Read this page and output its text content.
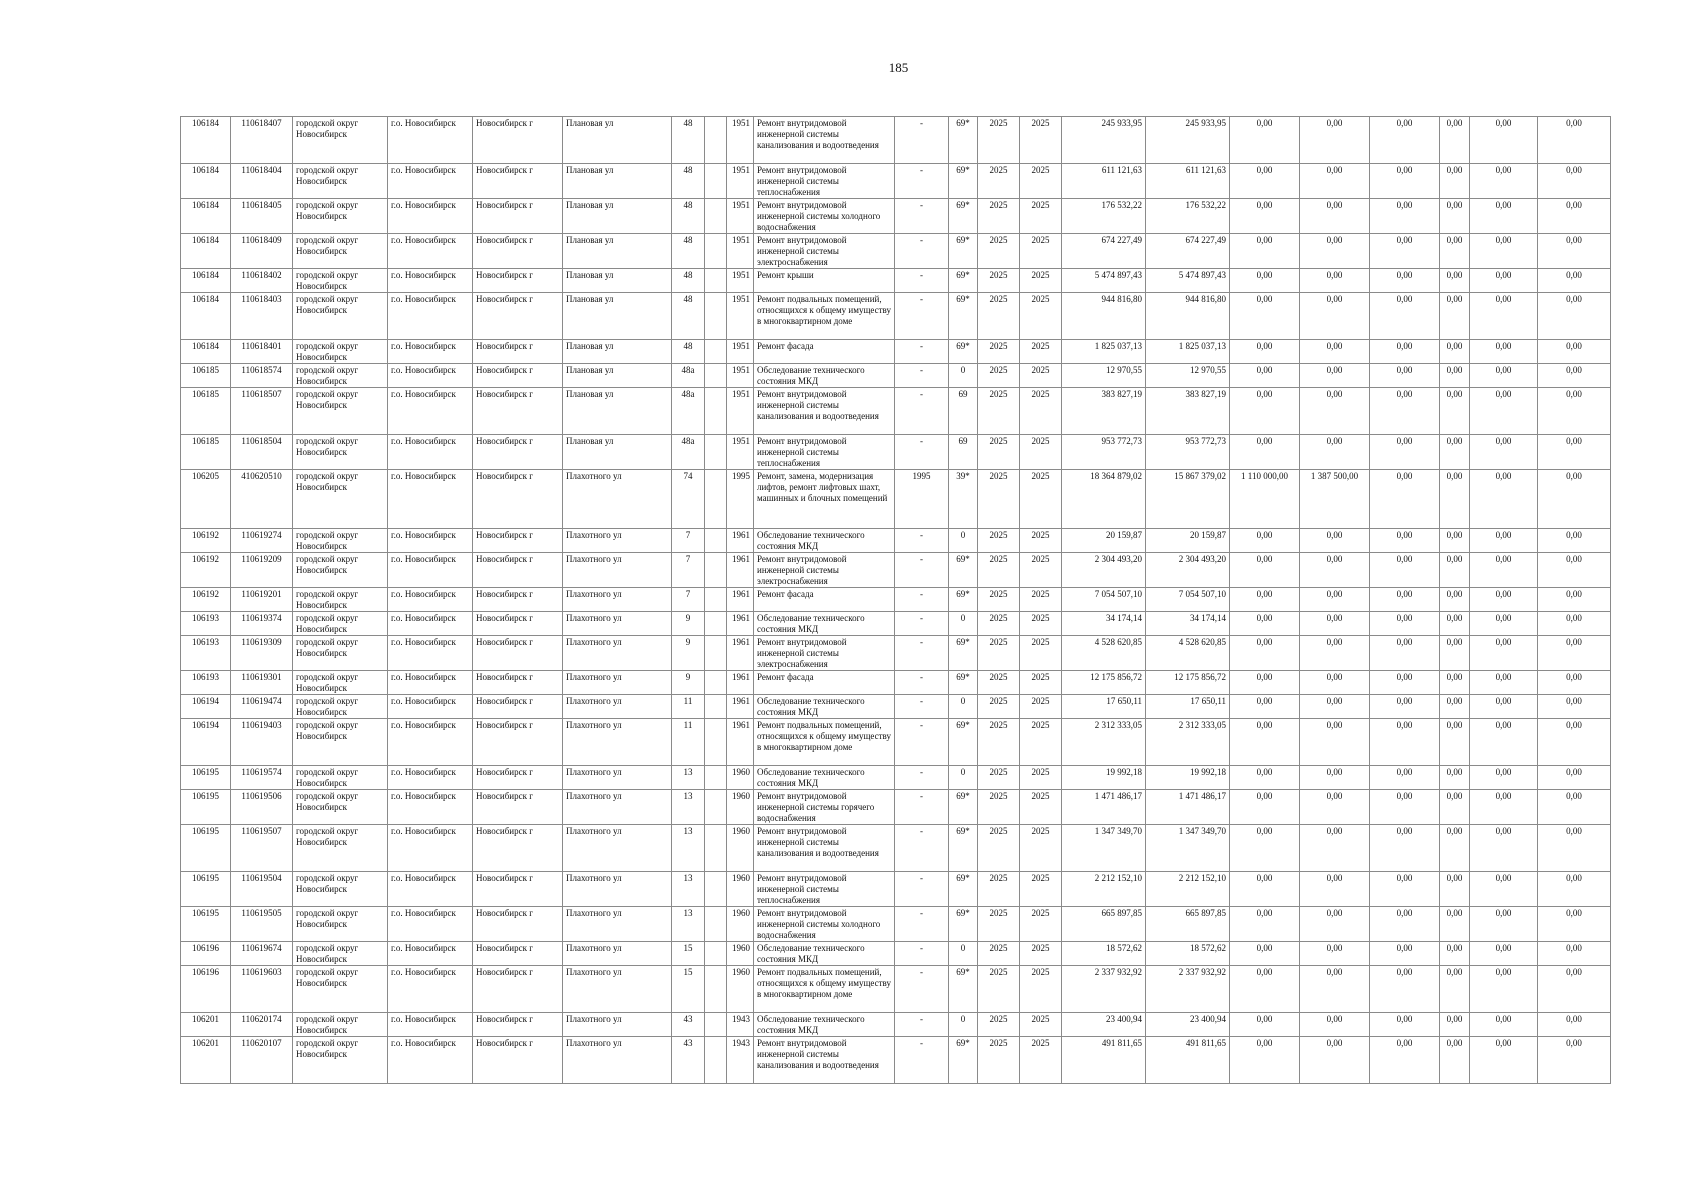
185
106184	110618407	городской округ Новосибирск	г.о. Новосибирск	Новосибирск г	Плановая ул	48		1951	Ремонт внутридомовой инженерной системы канализования и водоотведения	-	69*	2025	2025	245 933,95	245 933,95	0,00	0,00	0,00	0,00	0,00	0,00
106184	110618404	городской округ Новосибирск	г.о. Новосибирск	Новосибирск г	Плановая ул	48		1951	Ремонт внутридомовой инженерной системы теплоснабжения	-	69*	2025	2025	611 121,63	611 121,63	0,00	0,00	0,00	0,00	0,00	0,00
106184	110618405	городской округ Новосибирск	г.о. Новосибирск	Новосибирск г	Плановая ул	48		1951	Ремонт внутридомовой инженерной системы холодного водоснабжения	-	69*	2025	2025	176 532,22	176 532,22	0,00	0,00	0,00	0,00	0,00	0,00
106184	110618409	городской округ Новосибирск	г.о. Новосибирск	Новосибирск г	Плановая ул	48		1951	Ремонт внутридомовой инженерной системы электроснабжения	-	69*	2025	2025	674 227,49	674 227,49	0,00	0,00	0,00	0,00	0,00	0,00
106184	110618402	городской округ Новосибирск	г.о. Новосибирск	Новосибирск г	Плановая ул	48		1951	Ремонт крыши	-	69*	2025	2025	5 474 897,43	5 474 897,43	0,00	0,00	0,00	0,00	0,00	0,00
106184	110618403	городской округ Новосибирск	г.о. Новосибирск	Новосибирск г	Плановая ул	48		1951	Ремонт подвальных помещений, относящихся к общему имуществу в многоквартирном доме	-	69*	2025	2025	944 816,80	944 816,80	0,00	0,00	0,00	0,00	0,00	0,00
106184	110618401	городской округ Новосибирск	г.о. Новосибирск	Новосибирск г	Плановая ул	48		1951	Ремонт фасада	-	69*	2025	2025	1 825 037,13	1 825 037,13	0,00	0,00	0,00	0,00	0,00	0,00
106185	110618574	городской округ Новосибирск	г.о. Новосибирск	Новосибирск г	Плановая ул	48а		1951	Обследование технического состояния МКД	-	0	2025	2025	12 970,55	12 970,55	0,00	0,00	0,00	0,00	0,00	0,00
106185	110618507	городской округ Новосибирск	г.о. Новосибирск	Новосибирск г	Плановая ул	48а		1951	Ремонт внутридомовой инженерной системы канализования и водоотведения	-	69	2025	2025	383 827,19	383 827,19	0,00	0,00	0,00	0,00	0,00	0,00
106185	110618504	городской округ Новосибирск	г.о. Новосибирск	Новосибирск г	Плановая ул	48а		1951	Ремонт внутридомовой инженерной системы теплоснабжения	-	69	2025	2025	953 772,73	953 772,73	0,00	0,00	0,00	0,00	0,00	0,00
106205	410620510	городской округ Новосибирск	г.о. Новосибирск	Новосибирск г	Плахотного ул	74		1995	Ремонт, замена, модернизация лифтов, ремонт лифтовых шахт, машинных и блочных помещений	1995	39*	2025	2025	18 364 879,02	15 867 379,02	1 110 000,00	1 387 500,00	0,00	0,00	0,00	0,00
106192	110619274	городской округ Новосибирск	г.о. Новосибирск	Новосибирск г	Плахотного ул	7		1961	Обследование технического состояния МКД	-	0	2025	2025	20 159,87	20 159,87	0,00	0,00	0,00	0,00	0,00	0,00
106192	110619209	городской округ Новосибирск	г.о. Новосибирск	Новосибирск г	Плахотного ул	7		1961	Ремонт внутридомовой инженерной системы электроснабжения	-	69*	2025	2025	2 304 493,20	2 304 493,20	0,00	0,00	0,00	0,00	0,00	0,00
106192	110619201	городской округ Новосибирск	г.о. Новосибирск	Новосибирск г	Плахотного ул	7		1961	Ремонт фасада	-	69*	2025	2025	7 054 507,10	7 054 507,10	0,00	0,00	0,00	0,00	0,00	0,00
106193	110619374	городской округ Новосибирск	г.о. Новосибирск	Новосибирск г	Плахотного ул	9		1961	Обследование технического состояния МКД	-	0	2025	2025	34 174,14	34 174,14	0,00	0,00	0,00	0,00	0,00	0,00
106193	110619309	городской округ Новосибирск	г.о. Новосибирск	Новосибирск г	Плахотного ул	9		1961	Ремонт внутридомовой инженерной системы электроснабжения	-	69*	2025	2025	4 528 620,85	4 528 620,85	0,00	0,00	0,00	0,00	0,00	0,00
106193	110619301	городской округ Новосибирск	г.о. Новосибирск	Новосибирск г	Плахотного ул	9		1961	Ремонт фасада	-	69*	2025	2025	12 175 856,72	12 175 856,72	0,00	0,00	0,00	0,00	0,00	0,00
106194	110619474	городской округ Новосибирск	г.о. Новосибирск	Новосибирск г	Плахотного ул	11		1961	Обследование технического состояния МКД	-	0	2025	2025	17 650,11	17 650,11	0,00	0,00	0,00	0,00	0,00	0,00
106194	110619403	городской округ Новосибирск	г.о. Новосибирск	Новосибирск г	Плахотного ул	11		1961	Ремонт подвальных помещений, относящихся к общему имуществу в многоквартирном доме	-	69*	2025	2025	2 312 333,05	2 312 333,05	0,00	0,00	0,00	0,00	0,00	0,00
106195	110619574	городской округ Новосибирск	г.о. Новосибирск	Новосибирск г	Плахотного ул	13		1960	Обследование технического состояния МКД	-	0	2025	2025	19 992,18	19 992,18	0,00	0,00	0,00	0,00	0,00	0,00
106195	110619506	городской округ Новосибирск	г.о. Новосибирск	Новосибирск г	Плахотного ул	13		1960	Ремонт внутридомовой инженерной системы горячего водоснабжения	-	69*	2025	2025	1 471 486,17	1 471 486,17	0,00	0,00	0,00	0,00	0,00	0,00
106195	110619507	городской округ Новосибирск	г.о. Новосибирск	Новосибирск г	Плахотного ул	13		1960	Ремонт внутридомовой инженерной системы канализования и водоотведения	-	69*	2025	2025	1 347 349,70	1 347 349,70	0,00	0,00	0,00	0,00	0,00	0,00
106195	110619504	городской округ Новосибирск	г.о. Новосибирск	Новосибирск г	Плахотного ул	13		1960	Ремонт внутридомовой инженерной системы теплоснабжения	-	69*	2025	2025	2 212 152,10	2 212 152,10	0,00	0,00	0,00	0,00	0,00	0,00
106195	110619505	городской округ Новосибирск	г.о. Новосибирск	Новосибирск г	Плахотного ул	13		1960	Ремонт внутридомовой инженерной системы холодного водоснабжения	-	69*	2025	2025	665 897,85	665 897,85	0,00	0,00	0,00	0,00	0,00	0,00
106196	110619674	городской округ Новосибирск	г.о. Новосибирск	Новосибирск г	Плахотного ул	15		1960	Обследование технического состояния МКД	-	0	2025	2025	18 572,62	18 572,62	0,00	0,00	0,00	0,00	0,00	0,00
106196	110619603	городской округ Новосибирск	г.о. Новосибирск	Новосибирск г	Плахотного ул	15		1960	Ремонт подвальных помещений, относящихся к общему имуществу в многоквартирном доме	-	69*	2025	2025	2 337 932,92	2 337 932,92	0,00	0,00	0,00	0,00	0,00	0,00
106201	110620174	городской округ Новосибирск	г.о. Новосибирск	Новосибирск г	Плахотного ул	43		1943	Обследование технического состояния МКД	-	0	2025	2025	23 400,94	23 400,94	0,00	0,00	0,00	0,00	0,00	0,00
106201	110620107	городской округ Новосибирск	г.о. Новосибирск	Новосибирск г	Плахотного ул	43		1943	Ремонт внутридомовой инженерной системы канализования и водоотведения	-	69*	2025	2025	491 811,65	491 811,65	0,00	0,00	0,00	0,00	0,00	0,00
